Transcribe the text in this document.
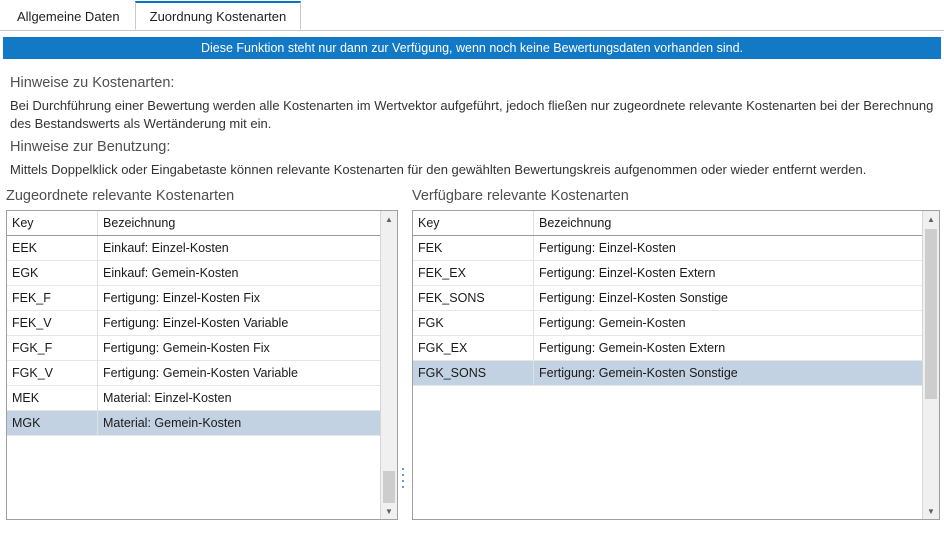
Allgemeine Daten Zuordnung Kostenarten
Diese Funktion steht nur dann zur Verfügung, wenn noch keine Bewertungsdaten vorhanden sind.
Hinweise zu Kostenarten:
Bei Durchführung einer Bewertung werden alle Kostenarten im Wertvektor aufgeführt, jedoch fließen nur zugeordnete relevante Kostenarten bei der Berechnung des Bestandswerts als Wertänderung mit ein.
Hinweise zur Benutzung:
Mittels Doppelklick oder Eingabetaste können relevante Kostenarten für den gewählten Bewertungskreis aufgenommen oder wieder entfernt werden.
Zugeordnete relevante Kostenarten
Key	Bezeichnung
EEK	Einkauf: Einzel-Kosten
EGK	Einkauf: Gemein-Kosten
FEK_F	Fertigung: Einzel-Kosten Fix
FEK_V	Fertigung: Einzel-Kosten Variable
FGK_F	Fertigung: Gemein-Kosten Fix
FGK_V	Fertigung: Gemein-Kosten Variable
MEK	Material: Einzel-Kosten
MGK	Material: Gemein-Kosten
▲
▼
Verfügbare relevante Kostenarten
Key	Bezeichnung
FEK	Fertigung: Einzel-Kosten
FEK_EX	Fertigung: Einzel-Kosten Extern
FEK_SONS	Fertigung: Einzel-Kosten Sonstige
FGK	Fertigung: Gemein-Kosten
FGK_EX	Fertigung: Gemein-Kosten Extern
FGK_SONS	Fertigung: Gemein-Kosten Sonstige
▲
▼
